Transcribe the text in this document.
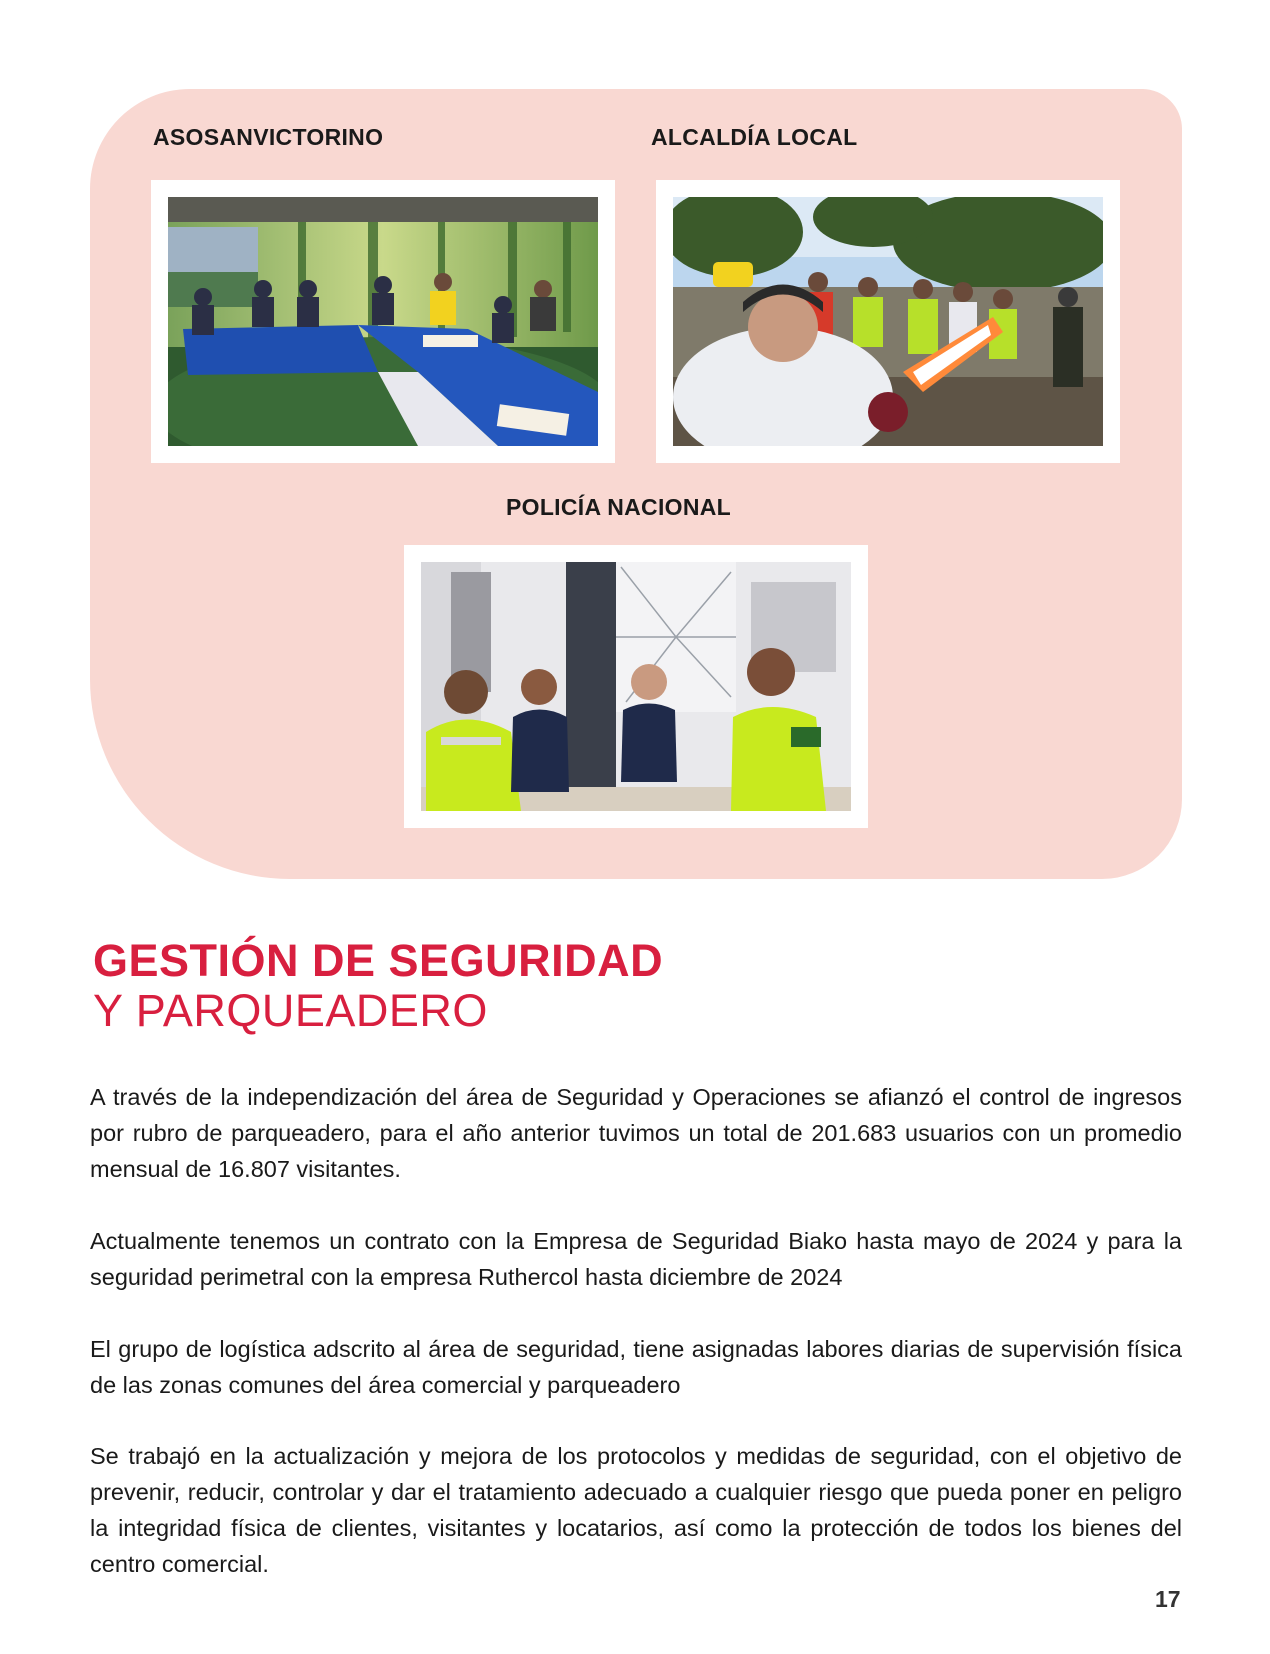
ASOSANVICTORINO	ALCALDÍA LOCAL
POLICÍA NACIONAL
GESTIÓN DE SEGURIDAD
Y PARQUEADERO

A través de la independización del área de Seguridad y Operaciones se afianzó el control de ingresos por rubro de parqueadero, para el año anterior tuvimos un total de 201.683 usuarios con un promedio mensual de 16.807 visitantes.

Actualmente tenemos un contrato con la Empresa de Seguridad Biako hasta mayo de 2024 y para la seguridad perimetral con la empresa Ruthercol hasta diciembre de 2024

El grupo de logística adscrito al área de seguridad, tiene asignadas labores diarias de supervisión física de las zonas comunes del área comercial y parqueadero

Se trabajó en la actualización y mejora de los protocolos y medidas de seguridad, con el objetivo de prevenir, reducir, controlar y dar el tratamiento adecuado a cualquier riesgo que pueda poner en peligro la integridad física de clientes, visitantes y locatarios, así como la protección de todos los bienes del centro comercial.

17
